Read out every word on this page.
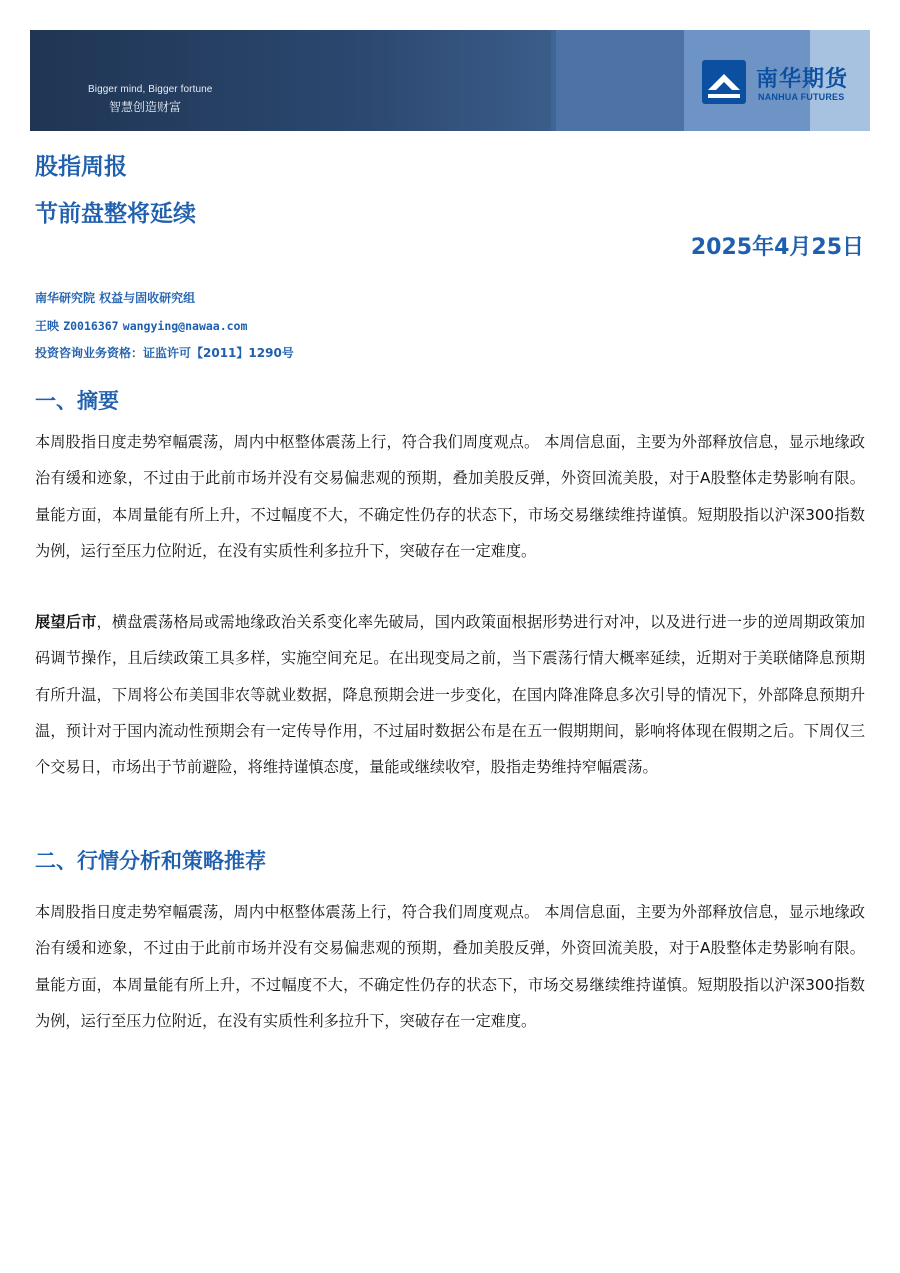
Bigger mind, Bigger fortune
智慧创造财富
南华期货
NANHUA FUTURES
股指周报
节前盘整将延续
2025年4月25日
南华研究院 权益与固收研究组
王映 Z0016367 wangying@nawaa.com
投资咨询业务资格：证监许可【2011】1290号
一、摘要
本周股指日度走势窄幅震荡，周内中枢整体震荡上行，符合我们周度观点。 本周信息面，主要为外部释放信息，显示地缘政治有缓和迹象，不过由于此前市场并没有交易偏悲观的预期，叠加美股反弹，外资回流美股，对于A股整体走势影响有限。量能方面，本周量能有所上升，不过幅度不大，不确定性仍存的状态下，市场交易继续维持谨慎。短期股指以沪深300指数为例，运行至压力位附近，在没有实质性利多拉升下，突破存在一定难度。
展望后市，横盘震荡格局或需地缘政治关系变化率先破局，国内政策面根据形势进行对冲，以及进行进一步的逆周期政策加码调节操作，且后续政策工具多样，实施空间充足。在出现变局之前，当下震荡行情大概率延续，近期对于美联储降息预期有所升温，下周将公布美国非农等就业数据，降息预期会进一步变化，在国内降准降息多次引导的情况下，外部降息预期升温，预计对于国内流动性预期会有一定传导作用，不过届时数据公布是在五一假期期间，影响将体现在假期之后。下周仅三个交易日，市场出于节前避险，将维持谨慎态度，量能或继续收窄，股指走势维持窄幅震荡。
二、行情分析和策略推荐
本周股指日度走势窄幅震荡，周内中枢整体震荡上行，符合我们周度观点。 本周信息面，主要为外部释放信息，显示地缘政治有缓和迹象，不过由于此前市场并没有交易偏悲观的预期，叠加美股反弹，外资回流美股，对于A股整体走势影响有限。量能方面，本周量能有所上升，不过幅度不大，不确定性仍存的状态下，市场交易继续维持谨慎。短期股指以沪深300指数为例，运行至压力位附近，在没有实质性利多拉升下，突破存在一定难度。
